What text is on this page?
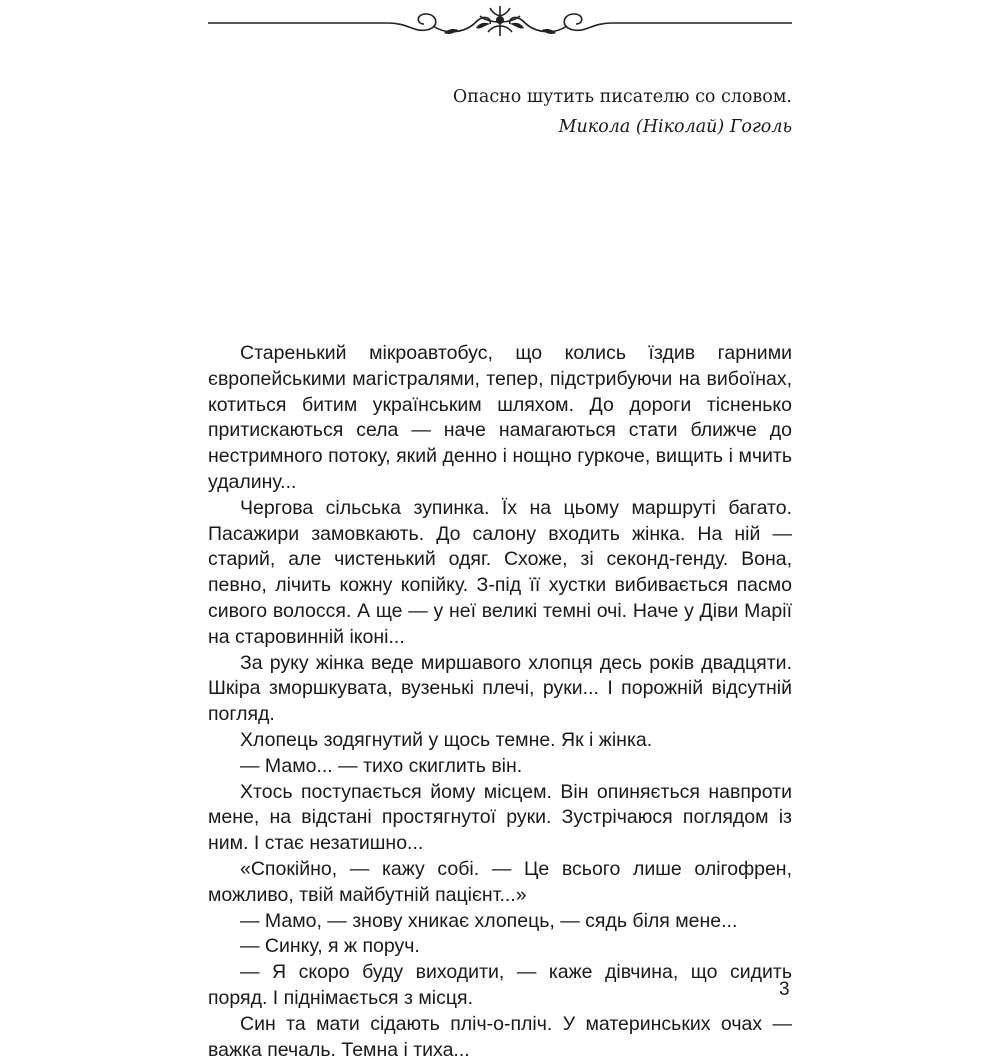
Опасно шутить писателю со словом.
Микола (Ніколай) Гоголь

Старенький мікроавтобус, що колись їздив гарними європейськими магістралями, тепер, підстрибуючи на вибоїнах, котиться битим українським шляхом. До дороги тісненько притискаються села — наче намагаються стати ближче до нестримного потоку, який денно і нощно гуркоче, вищить і мчить удалину...

Чергова сільська зупинка. Їх на цьому маршруті багато. Пасажири замовкають. До салону входить жінка. На ній — старий, але чистенький одяг. Схоже, зі секонд-генду. Вона, певно, лічить кожну копійку. З-під її хустки вибивається пасмо сивого волосся. А ще — у неї великі темні очі. Наче у Діви Марії на старовинній іконі...

За руку жінка веде миршавого хлопця десь років двадцяти. Шкіра зморшкувата, вузенькі плечі, руки... І порожній відсутній погляд.

Хлопець зодягнутий у щось темне. Як і жінка.

— Мамо... — тихо скиглить він.

Хтось поступається йому місцем. Він опиняється навпроти мене, на відстані простягнутої руки. Зустрічаюся поглядом із ним. І стає незатишно...

«Спокійно, — кажу собі. — Це всього лише олігофрен, можливо, твій майбутній пацієнт...»

— Мамо, — знову хникає хлопець, — сядь біля мене...

— Синку, я ж поруч.

— Я скоро буду виходити, — каже дівчина, що сидить поряд. І піднімається з місця.

Син та мати сідають пліч-о-пліч. У материнських очах — важка печаль. Темна і тиха...

3
